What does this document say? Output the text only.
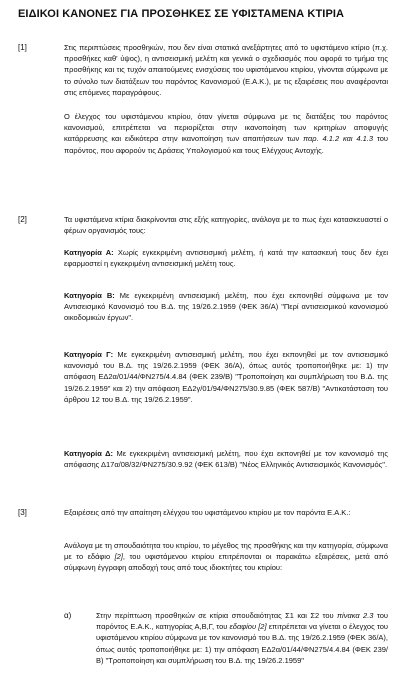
ΕΙΔΙΚΟΙ ΚΑΝΟΝΕΣ ΓΙΑ ΠΡΟΣΘΗΚΕΣ ΣΕ ΥΦΙΣΤΑΜΕΝΑ ΚΤΙΡΙΑ
[1]	Στις περιπτώσεις προσθηκών, που δεν είναι στατικά ανεξάρτητες από το υφιστάμενο κτίριο (π.χ. προσθήκες καθ' ύψος), η αντισεισμική μελέτη και γενικά ο σχεδιασμός που αφορά το τμήμα της προσθήκης και τις τυχόν απαιτούμενες ενισχύσεις του υφιστάμενου κτιρίου, γίνονται σύμφωνα με το σύνολο των διατάξεων του παρόντος Κανονισμού (Ε.Α.Κ.), με τις εξαιρέσεις που αναφέρονται στις επόμενες παραγράφους.
Ο έλεγχος του υφιστάμενου κτιρίου, όταν γίνεται σύμφωνα με τις διατάξεις του παρόντος κανονισμού, επιτρέπεται να περιορίζεται στην ικανοποίηση των κριτηρίων αποφυγής κατάρρευσης και ειδικότερα στην ικανοποίηση των απαιτήσεων των παρ. 4.1.2 και 4.1.3 του παρόντος, που αφορούν τις Δράσεις Υπολογισμού και τους Ελέγχους Αντοχής.
[2]	Τα υφιστάμενα κτίρια διακρίνονται στις εξής κατηγορίες, ανάλογα με το πως έχει κατασκευαστεί ο φέρων οργανισμός τους:
Κατηγορία Α: Χωρίς εγκεκριμένη αντισεισμική μελέτη, ή κατά την κατασκευή τους δεν έχει εφαρμοστεί η εγκεκριμένη αντισεισμική μελέτη τους.
Κατηγορία Β: Με εγκεκριμένη αντισεισμική μελέτη, που έχει εκπονηθεί σύμφωνα με τον Αντισεισμικό Κανονισμό του Β.Δ. της 19/26.2.1959 (ΦΕΚ 36/Α) "Περί αντισεισμικού κανονισμού οικοδομικών έργων".
Κατηγορία Γ: Με εγκεκριμένη αντισεισμική μελέτη, που έχει εκπονηθεί με τον αντισεισμικό κανονισμό του Β.Δ. της 19/26.2.1959 (ΦΕΚ 36/Α), όπως αυτός τροποποιήθηκε με: 1) την απόφαση ΕΔ2α/01/44/ΦΝ275/4.4.84 (ΦΕΚ 239/Β) "Τροποποίηση και συμπλήρωση του Β.Δ. της 19/26.2.1959" και 2) την απόφαση ΕΔ2γ/01/94/ΦΝ275/30.9.85 (ΦΕΚ 587/Β) "Αντικατάσταση του άρθρου 12 του Β.Δ. της 19/26.2.1959".
Κατηγορία Δ: Με εγκεκριμένη αντισεισμική μελέτη, που έχει εκπονηθεί με τον κανονισμό της απόφασης Δ17α/08/32/ΦΝ275/30.9.92 (ΦΕΚ 613/Β) "Νέος Ελληνικός Αντισεισμικός Κανονισμός".
[3]	Εξαιρέσεις από την απαίτηση ελέγχου του υφιστάμενου κτιρίου με τον παρόντα Ε.Α.Κ.:
Ανάλογα με τη σπουδαιότητα του κτιρίου, το μέγεθος της προσθήκης και την κατηγορία, σύμφωνα με το εδάφιο [2], του υφιστάμενου κτιρίου επιτρέπονται οι παρακάτω εξαιρέσεις, μετά από σύμφωνη έγγραφη αποδοχή τους από τους ιδιοκτήτες του κτιρίου:
α)	Στην περίπτωση προσθηκών σε κτίρια σπουδαιότητας Σ1 και Σ2 του πίνακα 2.3 του παρόντος Ε.Α.Κ., κατηγορίας Α,Β,Γ, του εδαφίου [2] επιτρέπεται να γίνεται ο έλεγχος του υφιστάμενου κτιρίου σύμφωνα με τον κανονισμό του Β.Δ. της 19/26.2.1959 (ΦΕΚ 36/Α), όπως αυτός τροποποιήθηκε με: 1) την απόφαση ΕΔ2α/01/44/ΦΝ275/4.4.84 (ΦΕΚ 239/Β) "Τροποποίηση και συμπλήρωση του Β.Δ. της 19/26.2.1959"
